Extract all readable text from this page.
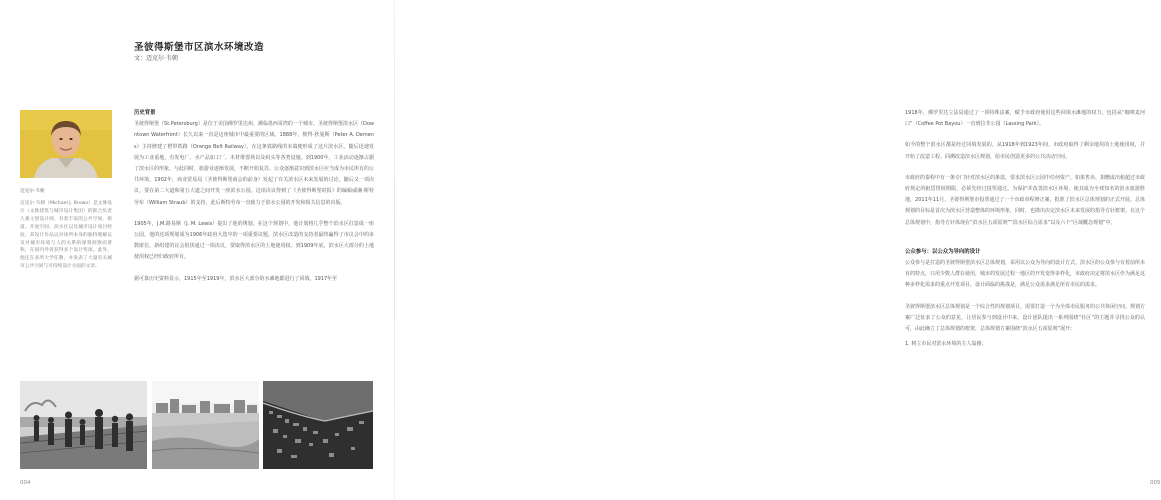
圣彼得斯堡市区滨水环境改造
文：迈克尔·韦朝
迈克尔·韦朝
迈克尔·韦朝（Michael J. Brown）是文脉设计（文脉建筑与城市设计集团）的联合负责人兼主创设计师，有着丰富的公共空间、街道、开放空间、滨水区以及城市设计项目经验。其设计作品以对场所本身的独特理解以及对城市环境与人的关系的深刻洞察而著称，在国内外曾获得多个设计奖项。此外，他还在多所大学任教，并发表了大量有关城市公共空间与可持续设计方面的文章。

历史背景

圣彼得斯堡（St.Petersburg）是位于美国佛罗里达州、濒临墨西哥湾的一个城市。圣彼得斯堡滨水区（Downtown Waterfront）长久以来一直是这座城市中最重要的区域。1888年，彼得·狄曼斯（Peter A. Demens）主持修建了橙带铁路（Orange Belt Railway），在这条铁路线的末端便形成了这片滨水区。随后迅速发展为工业重地，有发电厂、水产品加工厂、木材堆置场以及码头等各类设施。到1900年，工业活动逐渐占据了滨水区的形象，与此同时，旅游业逐渐发展，不断开始复苏。公众逐渐意识到滨水区应当成为市民所有的公共环境。1902年，商业贸易局（圣彼得斯堡商会的前身）发起了有关滨水区未来发展的讨论，随后又一项决议，要在第二大道和第五大道之间开发一座滨水公园。这项决议得到了《圣彼得斯堡时报》的编辑威廉·斯特劳布（William Straub）的支持，此后斯特劳布一直致力于滨水公园的开发和相关信息的出版。

1905年，J.M.路易斯（J. M. Lewis）提出了他的规划。在这个规划中，他计划将几乎整个滨水区打造成一座公园，他的这项规划成为1906年政府大选中的一项重要议题。滨水区改造的支持者最终赢得了市议会中的多数席位，新组建的议会很快通过一项决议，要取得滨水区的土地使用权。到1909年底，滨水区大部分的土地使用权已经归政府所有。

据可靠历史资料显示，1915年至1919年，滨水区大部分的水滩地都进行了回填。1917年至

004

1918年，佛罗里达立法局通过了一项特殊法案，赋予市政府使用这些回填水滩地的权力，包括从“咖啡麦河口”（Coffee Pot Bayou）一直到拉莘公园（Lassing Park）。

如今的整个滨水区都是经过回填发展的。从1918年到1923年间，市政府取得了剩余地块的土地使用权，并开始了改造工程。回溯改造滨水区规划，给市民创造更多的公共活动空间。

市政府的秦程中有一条专门针对滨水区的条款，要求滨水区公园中任何资产，如果售卖、捐赠或出租超过市政府规定的租赁授权期限，必须先经过投票通过。为保护并改善滨水区环境，使其成为全球知名的滨水旅游胜地，2011年11月，圣彼得斯堡市投票通过了一个市政章程修正案，批准了滨水区总体规划的正式开展。总体规划的目标是首次为滨水区营造整体的环境形象，同时，也勘出决定滨水区未来发展的指导方针框架。在这个总体规划中，指导方针体现在“滨水区五项原则”“滨水区综合需求”以及六个“区域概念规划”中。

公众参与：以公众为导向的设计

公众参与是打造的圣彼得斯堡滨水区总体规划，采用以公众为导向的设计方式。滨水区的公众参与有着前所未有的特点，只用少数人群在使用，城市的发展过程一地区的开发变得多样化，市政府决定将滨水区作为满足这种多样化需求的重点开发项目。设计面临的挑战是，满足公众需求满足所有市民的需求。

圣彼得斯堡滨水区总体规划是一个综合性的规划项目，需要打造一个为全体市民服务的公共休闲空间。规划方案广泛征求了公众的意见，让居民参与到设计中来。设计团队提出一系列围绕“社区”的主题并寻找公众的认可，由此确立了总体规划的框架，总体规划方案围绕“滨水区五项原则”展开：

1. 树立市民对滨水环境的主人翁感；

005
